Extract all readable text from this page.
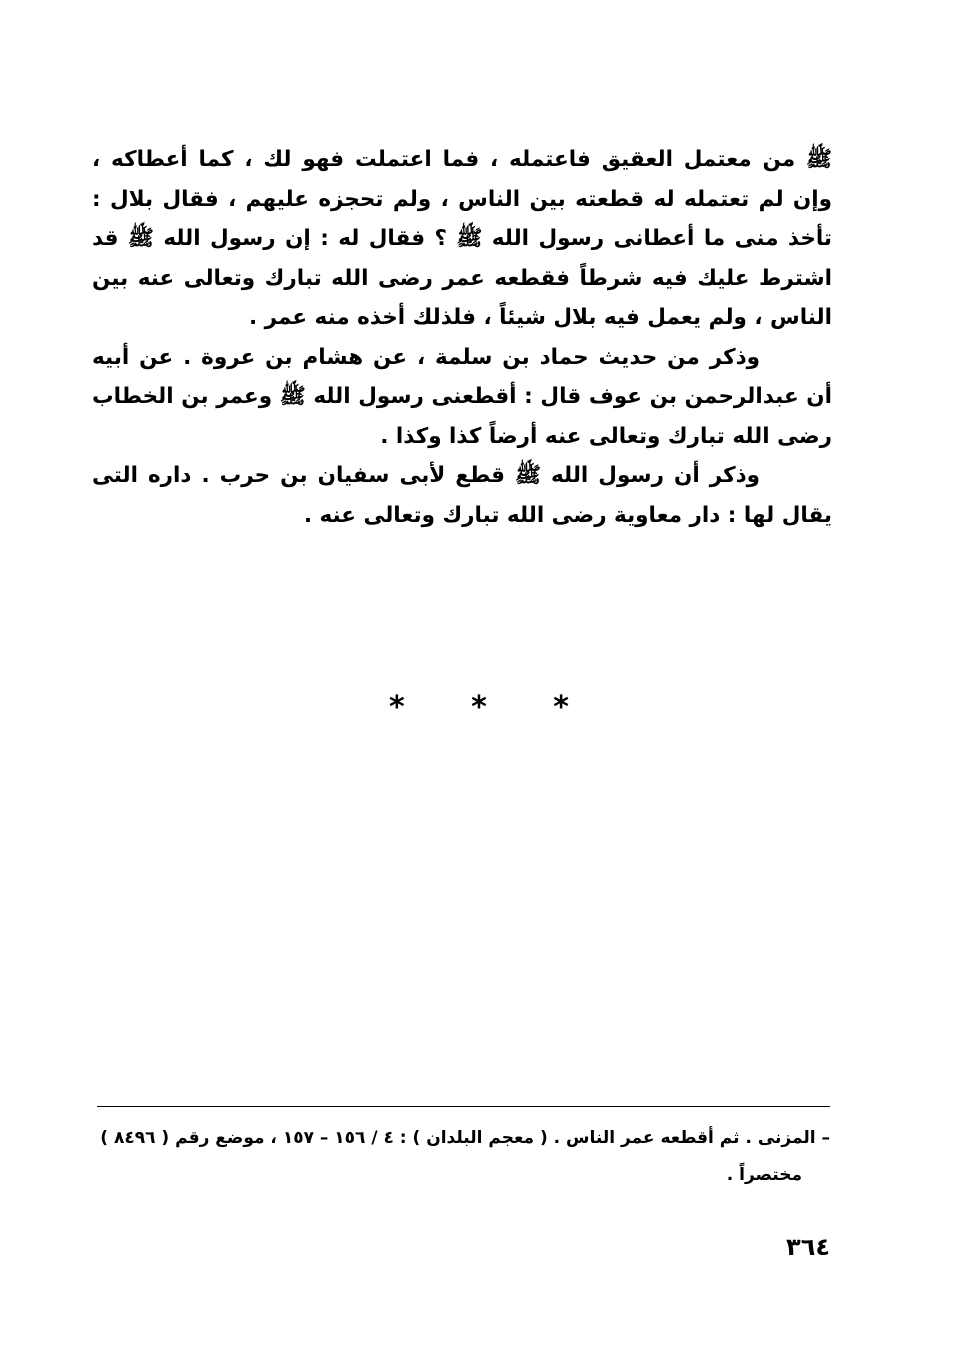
ﷺ من معتمل العقيق فاعتمله ، فما اعتملت فهو لك ، كما أعطاكه ، وإن لم تعتمله له قطعته بين الناس ، ولم تحجزه عليهم ، فقال بلال : تأخذ منى ما أعطانى رسول الله ﷺ ؟ فقال له : إن رسول الله ﷺ قد اشترط عليك فيه شرطاً فقطعه عمر رضى الله تبارك وتعالى عنه بين الناس ، ولم يعمل فيه بلال شيئاً ، فلذلك أخذه منه عمر .

وذكر من حديث حماد بن سلمة ، عن هشام بن عروة . عن أبيه أن عبدالرحمن بن عوف قال : أقطعنى رسول الله ﷺ وعمر بن الخطاب رضى الله تبارك وتعالى عنه أرضاً كذا وكذا .

وذكر أن رسول الله ﷺ قطع لأبى سفيان بن حرب . داره التى يقال لها : دار معاوية رضى الله تبارك وتعالى عنه .

* * *

– المزنى . ثم أقطعه عمر الناس . ( معجم البلدان ) : ٤ / ١٥٦ – ١٥٧ ، موضع رقم ( ٨٤٩٦ )

مختصراً .

٣٦٤
